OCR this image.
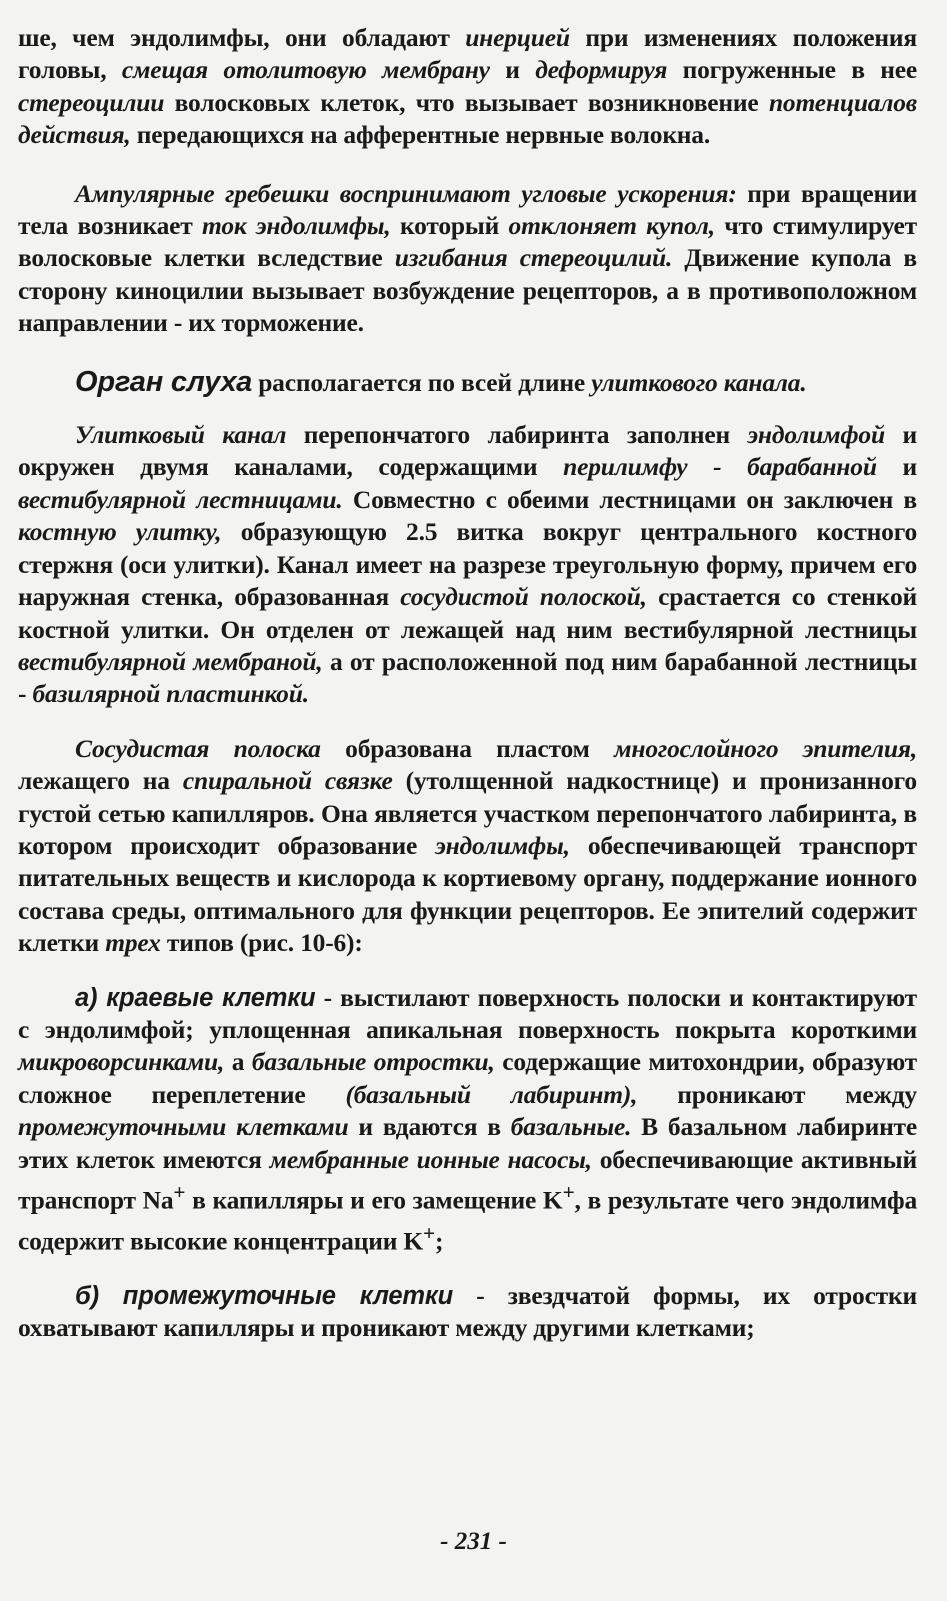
ше, чем эндолимфы, они обладают инерцией при изменениях положения головы, смещая отолитовую мембрану и деформируя погруженные в нее стереоцилии волосковых клеток, что вызывает возникновение потенциалов действия, передающихся на афферентные нервные волокна.

Ампулярные гребешки воспринимают угловые ускорения: при вращении тела возникает ток эндолимфы, который отклоняет купол, что стимулирует волосковые клетки вследствие изгибания стереоцилий. Движение купола в сторону киноцилии вызывает возбуждение рецепторов, а в противоположном направлении - их торможение.

Орган слуха располагается по всей длине улиткового канала.

Улитковый канал перепончатого лабиринта заполнен эндолимфой и окружен двумя каналами, содержащими перилимфу - барабанной и вестибулярной лестницами. Совместно с обеими лестницами он заключен в костную улитку, образующую 2.5 витка вокруг центрального костного стержня (оси улитки). Канал имеет на разрезе треугольную форму, причем его наружная стенка, образованная сосудистой полоской, срастается со стенкой костной улитки. Он отделен от лежащей над ним вестибулярной лестницы вестибулярной мембраной, а от расположенной под ним барабанной лестницы - базилярной пластинкой.

Сосудистая полоска образована пластом многослойного эпителия, лежащего на спиральной связке (утолщенной надкостнице) и пронизанного густой сетью капилляров. Она является участком перепончатого лабиринта, в котором происходит образование эндолимфы, обеспечивающей транспорт питательных веществ и кислорода к кортиевому органу, поддержание ионного состава среды, оптимального для функции рецепторов. Ее эпителий содержит клетки трех типов (рис. 10-6):

а) краевые клетки - выстилают поверхность полоски и контактируют с эндолимфой; уплощенная апикальная поверхность покрыта короткими микроворсинками, а базальные отростки, содержащие митохондрии, образуют сложное переплетение (базальный лабиринт), проникают между промежуточными клетками и вдаются в базальные. В базальном лабиринте этих клеток имеются мембранные ионные насосы, обеспечивающие активный транспорт Na+ в капилляры и его замещение K+, в результате чего эндолимфа содержит высокие концентрации K+;

б) промежуточные клетки - звездчатой формы, их отростки охватывают капилляры и проникают между другими клетками;

- 231 -
